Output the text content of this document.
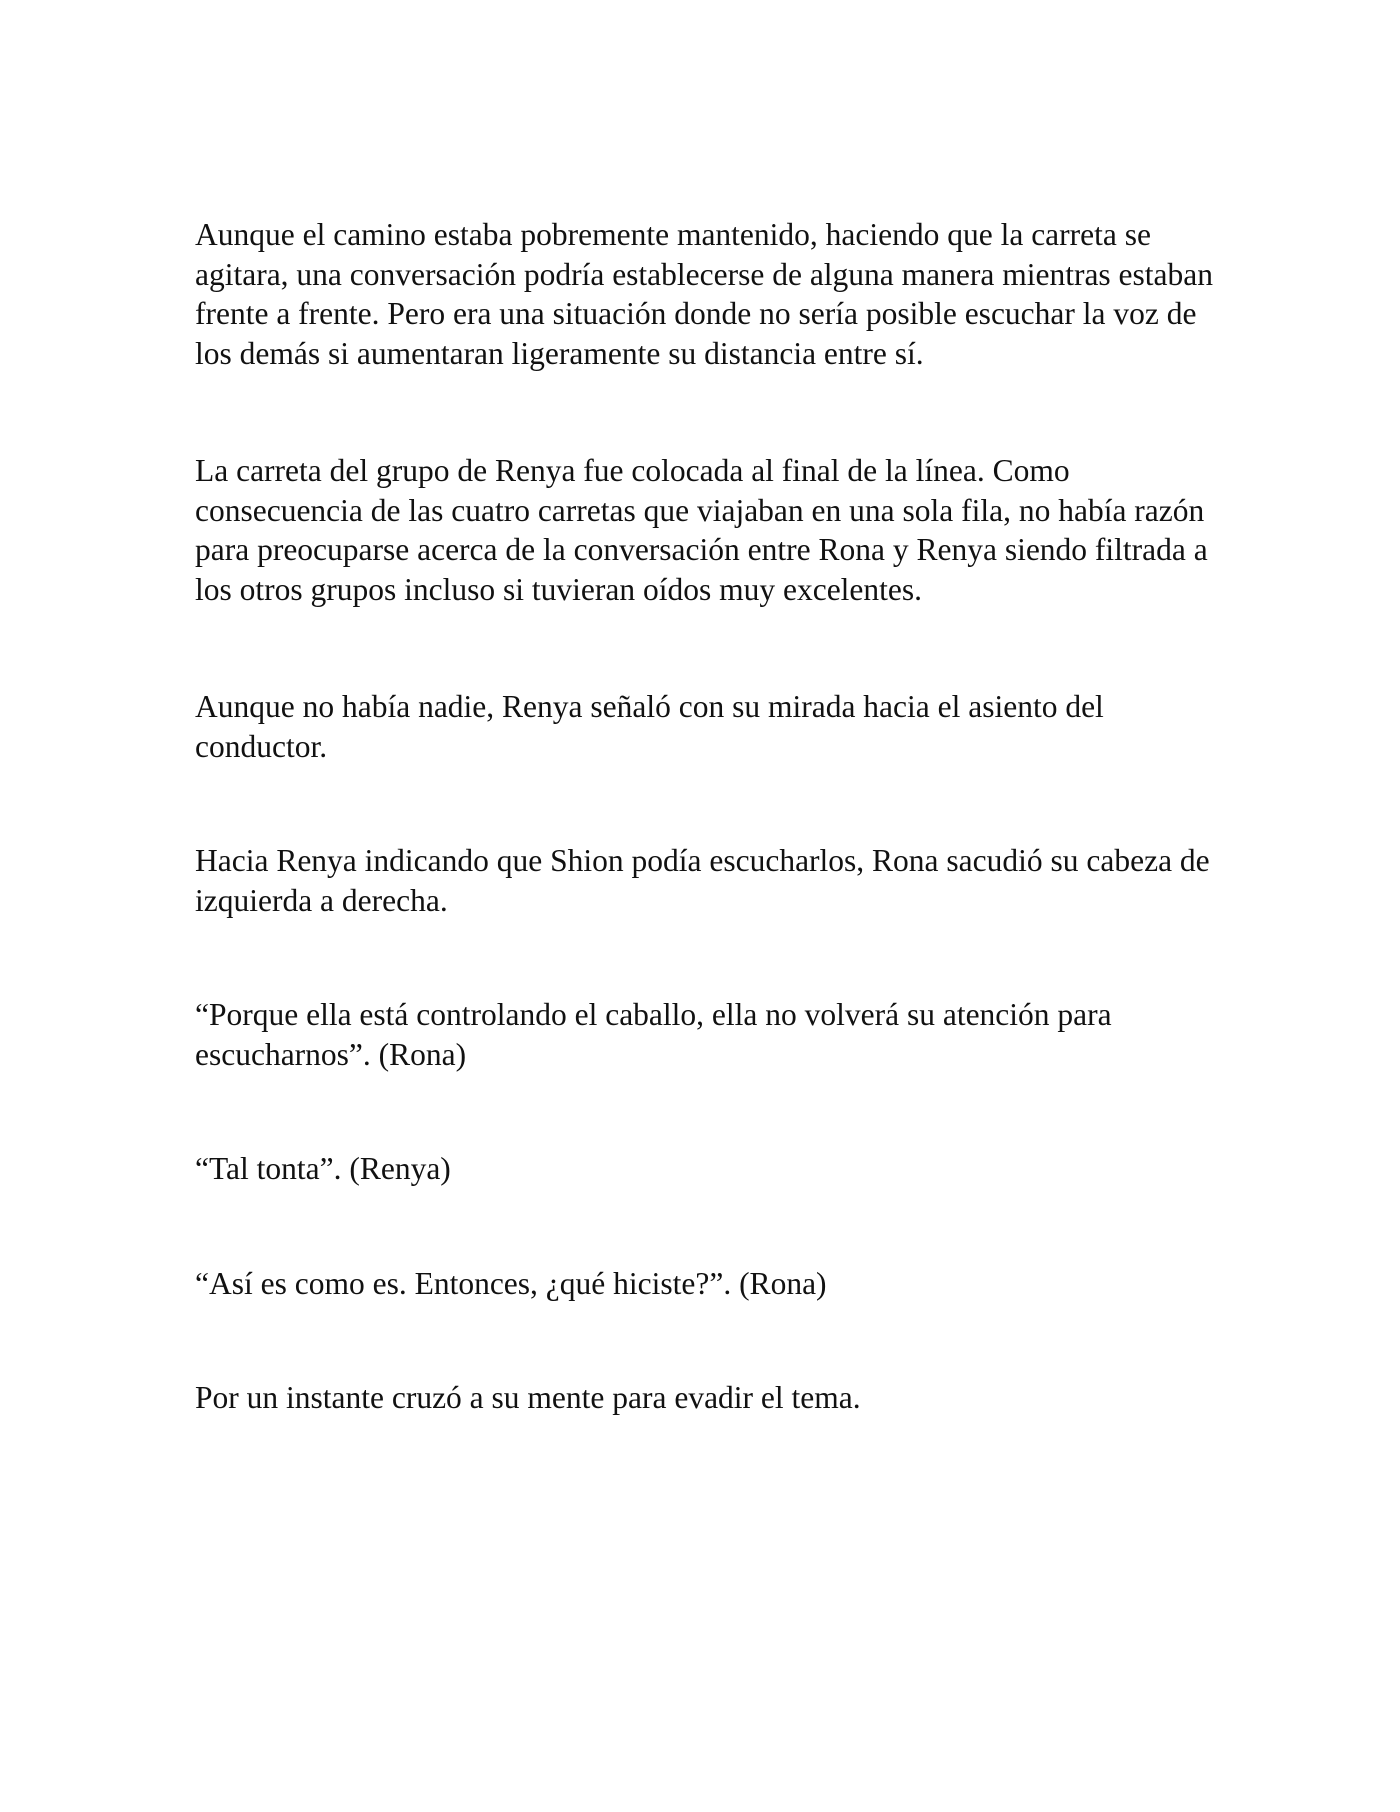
Aunque el camino estaba pobremente mantenido, haciendo que la carreta se agitara, una conversación podría establecerse de alguna manera mientras estaban frente a frente. Pero era una situación donde no sería posible escuchar la voz de los demás si aumentaran ligeramente su distancia entre sí.

La carreta del grupo de Renya fue colocada al final de la línea. Como consecuencia de las cuatro carretas que viajaban en una sola fila, no había razón para preocuparse acerca de la conversación entre Rona y Renya siendo filtrada a los otros grupos incluso si tuvieran oídos muy excelentes.

Aunque no había nadie, Renya señaló con su mirada hacia el asiento del conductor.

Hacia Renya indicando que Shion podía escucharlos, Rona sacudió su cabeza de izquierda a derecha.

“Porque ella está controlando el caballo, ella no volverá su atención para escucharnos”. (Rona)

“Tal tonta”. (Renya)

“Así es como es. Entonces, ¿qué hiciste?”. (Rona)

Por un instante cruzó a su mente para evadir el tema.
